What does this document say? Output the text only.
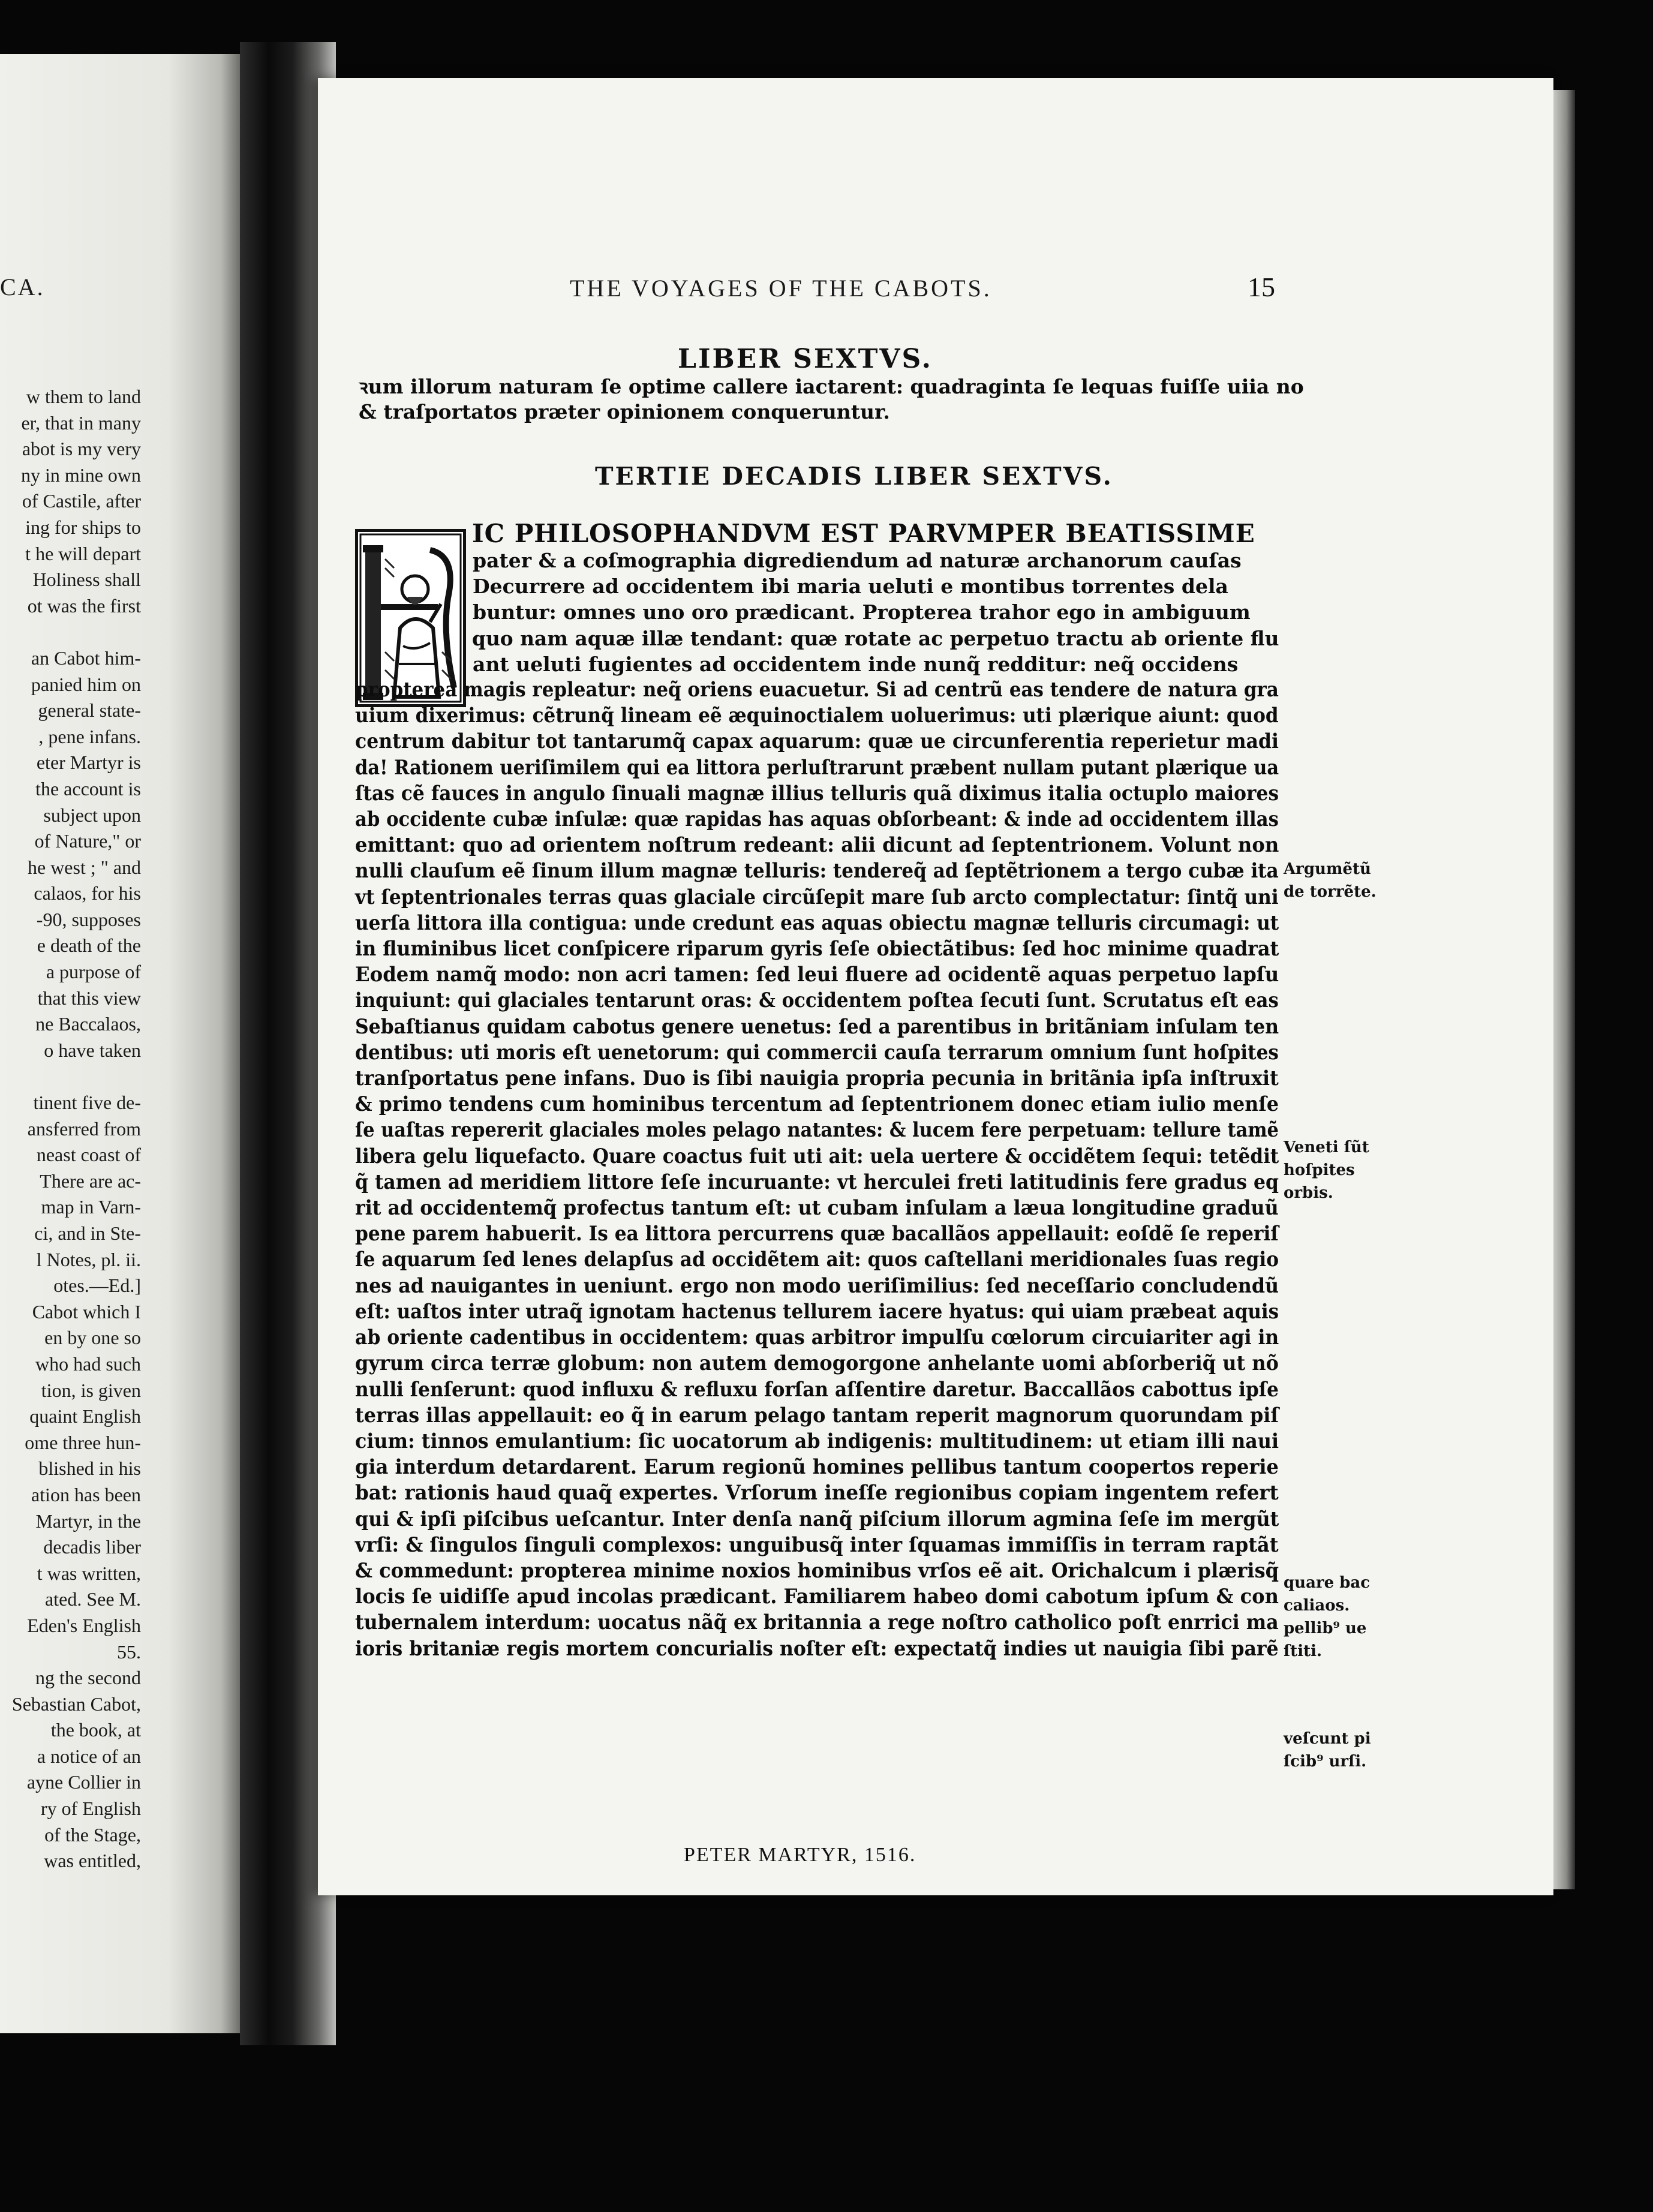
CA.
w them to land
er, that in many
abot is my very
ny in mine own
of Castile, after
ing for ships to
t he will depart
Holiness shall
ot was the first
an Cabot him-
panied him on
general state-
, pene infans.
eter Martyr is
the account is
subject upon
of Nature," or
he west ; " and
calaos, for his
-90, supposes
e death of the
a purpose of
that this view
ne Baccalaos,
o have taken
tinent five de-
ansferred from
neast coast of
There are ac-
map in Varn-
ci, and in Ste-
l Notes, pl. ii.
otes.—Ed.]
Cabot which I
en by one so
who had such
tion, is given
quaint English
ome three hun-
blished in his
ation has been
Martyr, in the
decadis liber
t was written,
ated. See M.
Eden's English
55.
ng the second
Sebastian Cabot,
the book, at
a notice of an
ayne Collier in
ry of English
of the Stage,
was entitled,
THE VOYAGES OF THE CABOTS.	15
LIBER SEXTVS.
ꝛum illorum naturam ſe optime callere iactarent: quadraginta ſe lequas fuiſſe uiia no
& traſportatos præter opinionem conqueruntur.
TERTIE DECADIS LIBER SEXTVS.
IC PHILOSOPHANDVM EST PARVMPER BEATISSIME
pater & a coſmographia digrediendum ad naturæ archanorum cauſas
Decurrere ad occidentem ibi maria ueluti e montibus torrentes dela
buntur: omnes uno oro prædicant. Propterea trahor ego in ambiguum
quo nam aquæ illæ tendant: quæ rotate ac perpetuo tractu ab oriente flu
ant ueluti fugientes ad occidentem inde nunq̃ redditur: neq̃ occidens
propterea magis repleatur: neq̃ oriens euacuetur. Si ad centrũ eas tendere de natura gra
uium dixerimus: cẽtrunq̃ lineam eẽ æquinoctialem uoluerimus: uti plærique aiunt: quod
centrum dabitur tot tantarumq̃ capax aquarum: quæ ue circunferentia reperietur madi
da! Rationem ueriſimilem qui ea littora perluſtrarunt præbent nullam putant plærique ua
ſtas cẽ fauces in angulo ſinuali magnæ illius telluris quã diximus italia octuplo maiores
ab occidente cubæ inſulæ: quæ rapidas has aquas obſorbeant: & inde ad occidentem illas
emittant: quo ad orientem noſtrum redeant: alii dicunt ad ſeptentrionem. Volunt non
nulli clauſum eẽ ſinum illum magnæ telluris: tendereq̃ ad ſeptẽtrionem a tergo cubæ ita
vt ſeptentrionales terras quas glaciale circũſepit mare ſub arcto complectatur: ſintq̃ uni
uerſa littora illa contigua: unde credunt eas aquas obiectu magnæ telluris circumagi: ut
in fluminibus licet conſpicere riparum gyris ſeſe obiectãtibus: ſed hoc minime quadrat
Eodem namq̃ modo: non acri tamen: ſed leui fluere ad ocidentẽ aquas perpetuo lapſu
inquiunt: qui glaciales tentarunt oras: & occidentem poſtea ſecuti ſunt. Scrutatus eſt eas
Sebaſtianus quidam cabotus genere uenetus: ſed a parentibus in britãniam inſulam ten
dentibus: uti moris eſt uenetorum: qui commercii cauſa terrarum omnium ſunt hoſpites
tranſportatus pene infans. Duo is ſibi nauigia propria pecunia in britãnia ipſa inſtruxit
& primo tendens cum hominibus tercentum ad ſeptentrionem donec etiam iulio menſe
ſe uaſtas repererit glaciales moles pelago natantes: & lucem fere perpetuam: tellure tamẽ
libera gelu liquefacto. Quare coactus fuit uti ait: uela uertere & occidẽtem ſequi: tetẽdit
q̃ tamen ad meridiem littore ſeſe incuruante: vt herculei freti latitudinis fere gradus eq
rit ad occidentemq̃ profectus tantum eſt: ut cubam inſulam a læua longitudine graduũ
pene parem habuerit. Is ea littora percurrens quæ bacallãos appellauit: eoſdẽ ſe reperiſ
ſe aquarum ſed lenes delapſus ad occidẽtem ait: quos caſtellani meridionales ſuas regio
nes ad nauigantes in ueniunt. ergo non modo ueriſimilius: ſed neceſſario concludendũ
eſt: uaſtos inter utraq̃ ignotam hactenus tellurem iacere hyatus: qui uiam præbeat aquis
ab oriente cadentibus in occidentem: quas arbitror impulſu cœlorum circuiariter agi in
gyrum circa terræ globum: non autem demogorgone anhelante uomi abſorberiq̃ ut nõ
nulli ſenſerunt: quod influxu & refluxu forſan aſſentire daretur. Baccallãos cabottus ipſe
terras illas appellauit: eo q̃ in earum pelago tantam reperit magnorum quorundam piſ
cium: tinnos emulantium: ſic uocatorum ab indigenis: multitudinem: ut etiam illi naui
gia interdum detardarent. Earum regionũ homines pellibus tantum coopertos reperie
bat: rationis haud quaq̃ expertes. Vrſorum ineſſe regionibus copiam ingentem refert
qui & ipſi piſcibus ueſcantur. Inter denſa nanq̃ piſcium illorum agmina ſeſe im mergũt
vrſi: & ſingulos ſinguli complexos: unguibusq̃ inter ſquamas immiſſis in terram raptãt
& commedunt: propterea minime noxios hominibus vrſos eẽ ait. Orichalcum i plærisq̃
locis ſe uidiſſe apud incolas prædicant. Familiarem habeo domi cabotum ipſum & con
tubernalem interdum: uocatus nãq̃ ex britannia a rege noſtro catholico poſt enrrici ma
ioris britaniæ regis mortem concurialis noſter eſt: expectatq̃ indies ut nauigia ſibi parẽ
Argumẽtũ
de torrẽte.
Veneti ſũt
hoſpites
orbis.
quare bac
caliaos.
pellib⁹ ue
ſtiti.
veſcunt pi
ſcib⁹ urſi.
PETER MARTYR, 1516.
